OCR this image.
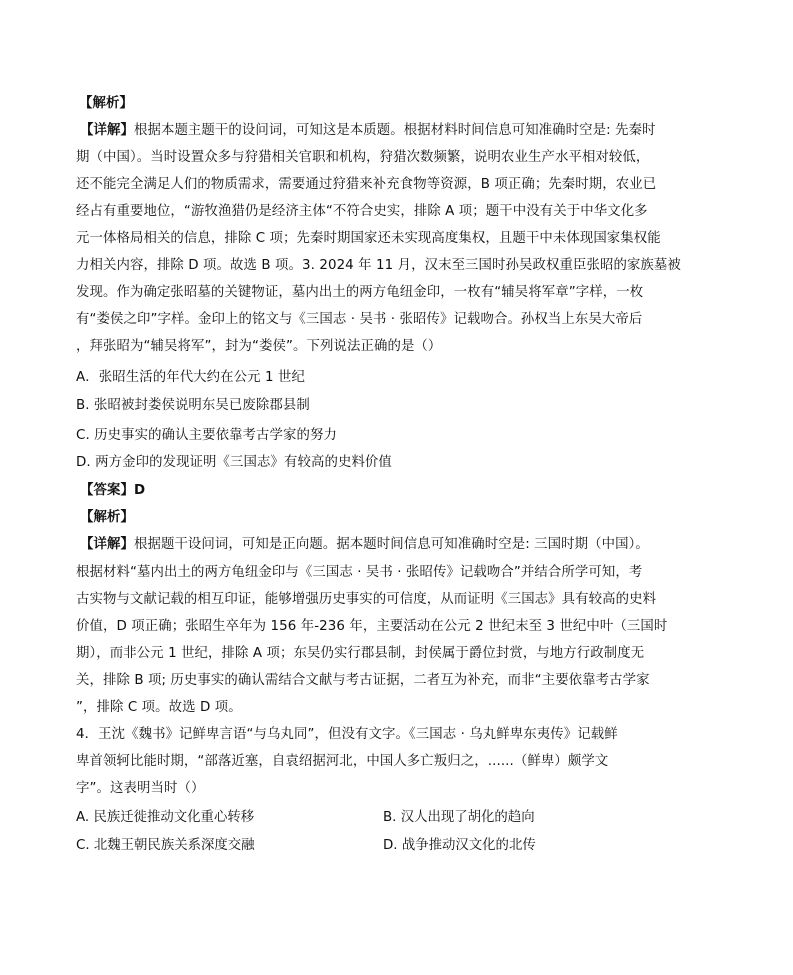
【解析】
【详解】根据本题主题干的设问词，可知这是本质题。根据材料时间信息可知准确时空是: 先秦时
期（中国）。当时设置众多与狩猎相关官职和机构，狩猎次数频繁，说明农业生产水平相对较低，
还不能完全满足人们的物质需求，需要通过狩猎来补充食物等资源，B 项正确；先秦时期，农业已
经占有重要地位，“游牧渔猎仍是经济主体“不符合史实，排除 A 项；题干中没有关于中华文化多
元一体格局相关的信息，排除 C 项；先秦时期国家还未实现高度集权，且题干中未体现国家集权能
力相关内容，排除 D 项。故选 B 项。3. 2024 年 11 月，汉末至三国时孙吴政权重臣张昭的家族墓被
发现。作为确定张昭墓的关键物证，墓内出土的两方龟纽金印，一枚有“辅吴将军章”字样，一枚
有“娄侯之印”字样。金印上的铭文与《三国志 · 吴书 · 张昭传》记载吻合。孙权当上东吴大帝后
，拜张昭为“辅吴将军”，封为“娄侯”。下列说法正确的是（）
A．张昭生活的年代大约在公元 1 世纪
B. 张昭被封娄侯说明东吴已废除郡县制
C. 历史事实的确认主要依靠考古学家的努力
D. 两方金印的发现证明《三国志》有较高的史料价值
【答案】D
【解析】
【详解】根据题干设问词，可知是正向题。据本题时间信息可知准确时空是: 三国时期（中国）。
根据材料“墓内出土的两方龟纽金印与《三国志 · 吴书 · 张昭传》记载吻合”并结合所学可知，考
古实物与文献记载的相互印证，能够增强历史事实的可信度，从而证明《三国志》具有较高的史料
价值，D 项正确；张昭生卒年为 156 年-236 年，主要活动在公元 2 世纪末至 3 世纪中叶（三国时
期），而非公元 1 世纪，排除 A 项；东吴仍实行郡县制，封侯属于爵位封赏，与地方行政制度无
关，排除 B 项; 历史事实的确认需结合文献与考古证据，二者互为补充，而非“主要依靠考古学家
”，排除 C 项。故选 D 项。
4．王沈《魏书》记鲜卑言语“与乌丸同”，但没有文字。《三国志 · 乌丸鲜卑东夷传》记载鲜
卑首领轲比能时期，“部落近塞，自袁绍据河北，中国人多亡叛归之，......（鲜卑）颇学文
字”。这表明当时（）
A. 民族迁徙推动文化重心转移	B. 汉人出现了胡化的趋向
C. 北魏王朝民族关系深度交融	D. 战争推动汉文化的北传
